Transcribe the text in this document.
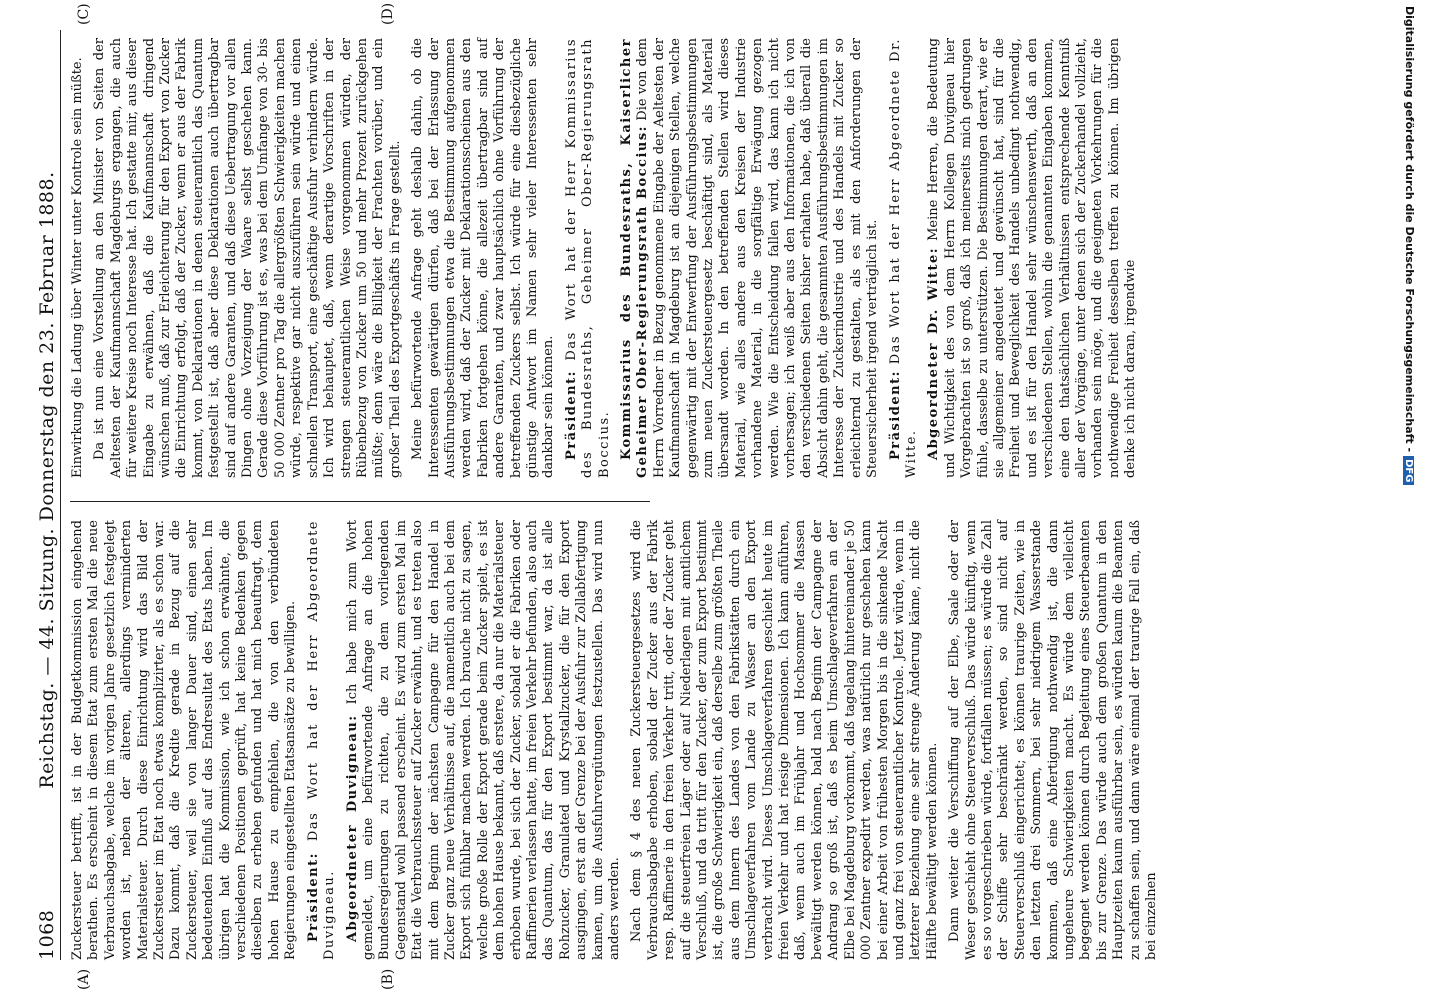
1068
Reichstag. — 44. Sitzung. Donnerstag den 23. Februar 1888.
(A)	(B)
(C)	(D)

Zuckersteuer betrifft, ist in der Budgetkommission eingehend berathen. Es erscheint in diesem Etat zum ersten Mal die neue Verbrauchsabgabe, welche im vorigen Jahre gesetzlich festgelegt worden ist, neben der älteren, allerdings verminderten Materialsteuer. Durch diese Einrichtung wird das Bild der Zuckersteuer im Etat noch etwas komplizirter, als es schon war. Dazu kommt, daß die Kredite gerade in Bezug auf die Zuckersteuer, weil sie von langer Dauer sind, einen sehr bedeutenden Einfluß auf das Endresultat des Etats haben. Im übrigen hat die Kommission, wie ich schon erwähnte, die verschiedenen Positionen geprüft, hat keine Bedenken gegen dieselben zu erheben gefunden und hat mich beauftragt, dem hohen Hause zu empfehlen, die von den verbündeten Regierungen eingestellten Etatsansätze zu bewilligen. Präsident: Das Wort hat der Herr Abgeordnete Duvigneau. Abgeordneter Duvigneau: Ich habe mich zum Wort gemeldet, um eine befürwortende Anfrage an die hohen Bundesregierungen zu richten, die zu dem vorliegenden Gegenstand wohl passend erscheint. Es wird zum ersten Mal im Etat die Verbrauchssteuer auf Zucker erwähnt, und es treten also mit dem Beginn der nächsten Campagne für den Handel in Zucker ganz neue Verhältnisse auf, die namentlich auch bei dem Export sich fühlbar machen werden. Ich brauche nicht zu sagen, welche große Rolle der Export gerade beim Zucker spielt, es ist dem hohen Hause bekannt, daß erstere, da nur die Materialsteuer erhoben wurde, bei sich der Zucker, sobald er die Fabriken oder Raffinerien verlassen hatte, im freien Verkehr befunden, also auch das Quantum, das für den Export bestimmt war, da ist alle Rohzucker, Granulated und Krystallzucker, die für den Export ausgingen, erst an der Grenze bei der Ausfuhr zur Zollabfertigung kamen, um die Ausfuhrvergütungen festzustellen. Das wird nun anders werden. Nach dem § 4 des neuen Zuckersteuergesetzes wird die Verbrauchsabgabe erhoben, sobald der Zucker aus der Fabrik resp. Raffinerie in den freien Verkehr tritt, oder der Zucker geht auf die steuerfreien Läger oder auf Niederlagen mit amtlichem Verschluß, und da tritt für den Zucker, der zum Export bestimmt ist, die große Schwierigkeit ein, daß derselbe zum größten Theile aus dem Innern des Landes von den Fabrikstätten durch ein Umschlageverfahren vom Lande zu Wasser an den Export verbracht wird. Dieses Umschlageverfahren geschieht heute im freien Verkehr und hat riesige Dimensionen. Ich kann anführen, daß, wenn auch im Frühjahr und Hochsommer die Massen bewältigt werden können, bald nach Beginn der Campagne der Andrang so groß ist, daß es beim Umschlageverfahren an der Elbe bei Magdeburg vorkommt, daß tagelang hintereinander je 50 000 Zentner expedirt werden, was natürlich nur geschehen kann bei einer Arbeit von frühesten Morgen bis in die sinkende Nacht und ganz frei von steueramtlicher Kontrole. Jetzt würde, wenn in letzterer Beziehung eine sehr strenge Änderung käme, nicht die Hälfte bewältigt werden können. Dann weiter die Verschiffung auf der Elbe, Saale oder der Weser geschieht ohne Steuerverschluß. Das würde künftig, wenn es so vorgeschrieben würde, fortfallen müssen; es würde die Zahl der Schiffe sehr beschränkt werden, so sind nicht auf Steuerverschluß eingerichtet; es können traurige Zeiten, wie in den letzten drei Sommern, bei sehr niedrigem Wasserstande kommen, daß eine Abfertigung nothwendig ist, die dann ungeheure Schwierigkeiten macht. Es würde dem vielleicht begegnet werden können durch Begleitung eines Steuerbeamten bis zur Grenze. Das würde auch dem großen Quantum in den Hauptzeiten kaum ausführbar sein, es würden kaum die Beamten zu schaffen sein, und dann wäre einmal der traurige Fall ein, daß bei einzelnen

Einwirkung die Ladung über Winter unter Kontrole sein müßte. Da ist nun eine Vorstellung an den Minister von Seiten der Aeltesten der Kaufmannschaft Magdeburgs ergangen, die auch für weitere Kreise noch Interesse hat. Ich gestatte mir, aus dieser Eingabe zu erwähnen, daß die Kaufmannschaft dringend wünschen muß, daß zur Erleichterung für den Export von Zucker die Einrichtung erfolgt, daß der Zucker, wenn er aus der Fabrik kommt, von Deklarationen in denen steueramtlich das Quantum festgestellt ist, daß aber diese Deklarationen auch übertragbar sind auf andere Garanten, und daß diese Uebertragung vor allen Dingen ohne Vorzeigung der Waare selbst geschehen kann. Gerade diese Vorführung ist es, was bei dem Umfange von 30- bis 50 000 Zentner pro Tag die allergrößten Schwierigkeiten machen würde, respektive gar nicht auszuführen sein würde und einen schnellen Transport, eine geschäftige Ausfuhr verhindern würde. Ich wird behauptet, daß, wenn derartige Vorschriften in der strengen steueramtlichen Weise vorgenommen würden, der Rübenbezug von Zucker um 50 und mehr Prozent zurückgehen müßte; denn wäre die Billigkeit der Frachten vorüber, und ein großer Theil des Exportgeschäfts in Frage gestellt. Meine befürwortende Anfrage geht deshalb dahin, ob die Interessenten gewärtigen dürfen, daß bei der Erlassung der Ausführungsbestimmungen etwa die Bestimmung aufgenommen werden wird, daß der Zucker mit Deklarationsscheinen aus den Fabriken fortgehen könne, die allezeit übertragbar sind auf andere Garanten, und zwar hauptsächlich ohne Vorführung der betreffenden Zuckers selbst. Ich würde für eine diesbezügliche günstige Antwort im Namen sehr vieler Interessenten sehr dankbar sein können. Präsident: Das Wort hat der Herr Kommissarius des Bundesraths, Geheimer Ober-Regierungsrath Boccius. Kommissarius des Bundesraths, Kaiserlicher Geheimer Ober-Regierungsrath Boccius: Die von dem Herrn Vorredner in Bezug genommene Eingabe der Aeltesten der Kaufmannschaft in Magdeburg ist an diejenigen Stellen, welche gegenwärtig mit der Entwerfung der Ausführungsbestimmungen zum neuen Zuckersteuergesetz beschäftigt sind, als Material übersandt worden. In den betreffenden Stellen wird dieses Material, wie alles andere aus den Kreisen der Industrie vorhandene Material, in die sorgfältige Erwägung gezogen werden. Wie die Entscheidung fallen wird, das kann ich nicht vorhersagen; ich weiß aber aus den Informationen, die ich von den verschiedenen Seiten bisher erhalten habe, daß überall die Absicht dahin geht, die gesammten Ausführungsbestimmungen im Interesse der Zuckerindustrie und des Handels mit Zucker so erleichternd zu gestalten, als es mit den Anforderungen der Steuersicherheit irgend verträglich ist. Präsident: Das Wort hat der Herr Abgeordnete Dr. Witte. Abgeordneter Dr. Witte: Meine Herren, die Bedeutung und Wichtigkeit des von dem Herrn Kollegen Duvigneau hier Vorgebrachten ist so groß, daß ich meinerseits mich gedrungen fühle, dasselbe zu unterstützen. Die Bestimmungen derart, wie er sie allgemeiner angedeutet und gewünscht hat, sind für die Freiheit und Beweglichkeit des Handels unbedingt nothwendig, und es ist für den Handel sehr wünschenswerth, daß an den verschiedenen Stellen, wohin die genannten Eingaben kommen, eine den thatsächlichen Verhältnissen entsprechende Kenntniß aller der Vorgänge, unter denen sich der Zuckerhandel vollzieht, vorhanden sein möge, und die geeigneten Vorkehrungen für die nothwendige Freiheit desselben treffen zu können. Im übrigen denke ich nicht daran, irgendwie	Digitalisierung gefördert durch die Deutsche Forschungsgemeinschaft -DFG
